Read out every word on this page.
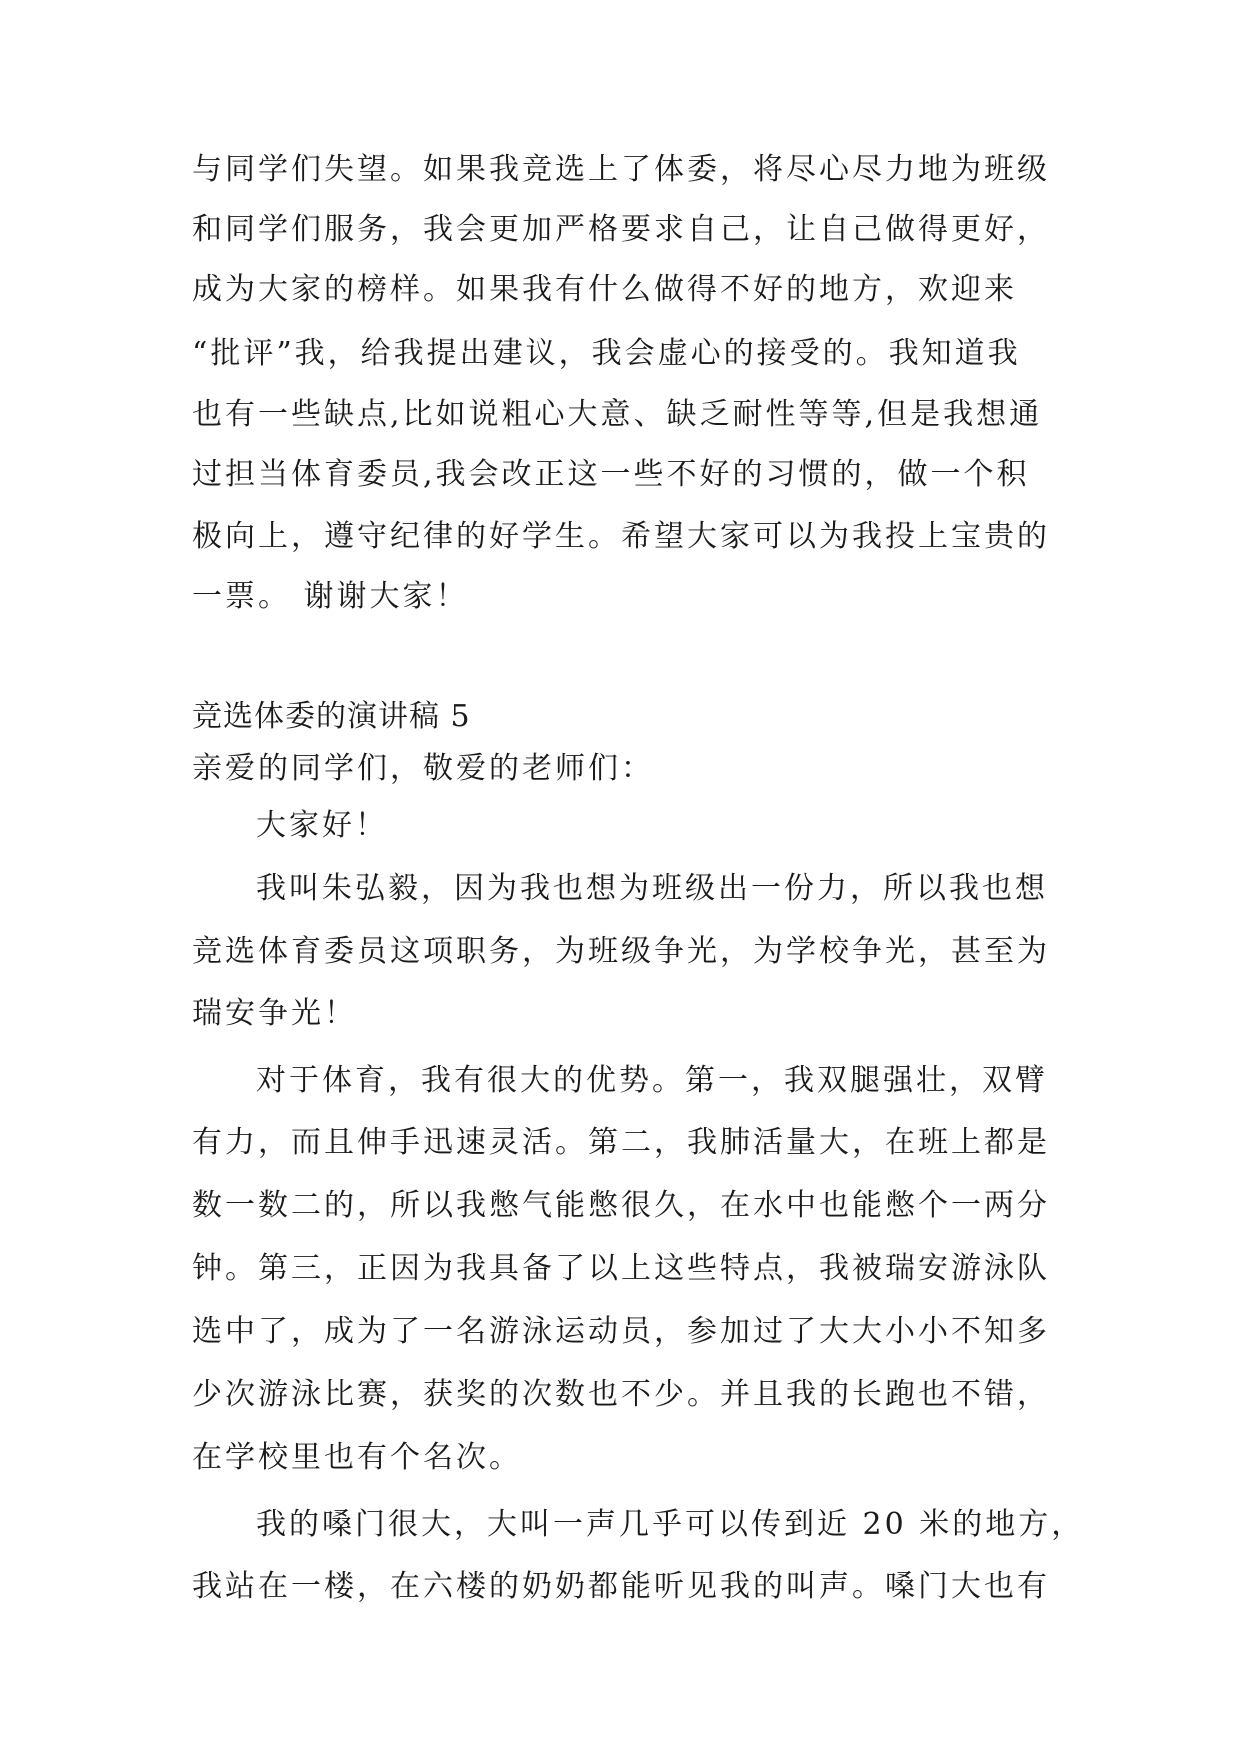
与同学们失望。如果我竞选上了体委，将尽心尽力地为班级
和同学们服务，我会更加严格要求自己，让自己做得更好，
成为大家的榜样。如果我有什么做得不好的地方，欢迎来
“批评”我，给我提出建议，我会虚心的接受的。我知道我
也有一些缺点,比如说粗心大意、缺乏耐性等等,但是我想通
过担当体育委员,我会改正这一些不好的习惯的，做一个积
极向上，遵守纪律的好学生。希望大家可以为我投上宝贵的
一票。 谢谢大家！
竞选体委的演讲稿 5
亲爱的同学们，敬爱的老师们：
大家好！
我叫朱弘毅，因为我也想为班级出一份力，所以我也想
竞选体育委员这项职务，为班级争光，为学校争光，甚至为
瑞安争光！
对于体育，我有很大的优势。第一，我双腿强壮，双臂
有力，而且伸手迅速灵活。第二，我肺活量大，在班上都是
数一数二的，所以我憋气能憋很久，在水中也能憋个一两分
钟。第三，正因为我具备了以上这些特点，我被瑞安游泳队
选中了，成为了一名游泳运动员，参加过了大大小小不知多
少次游泳比赛，获奖的次数也不少。并且我的长跑也不错，
在学校里也有个名次。
我的嗓门很大，大叫一声几乎可以传到近 20 米的地方，
我站在一楼，在六楼的奶奶都能听见我的叫声。嗓门大也有
